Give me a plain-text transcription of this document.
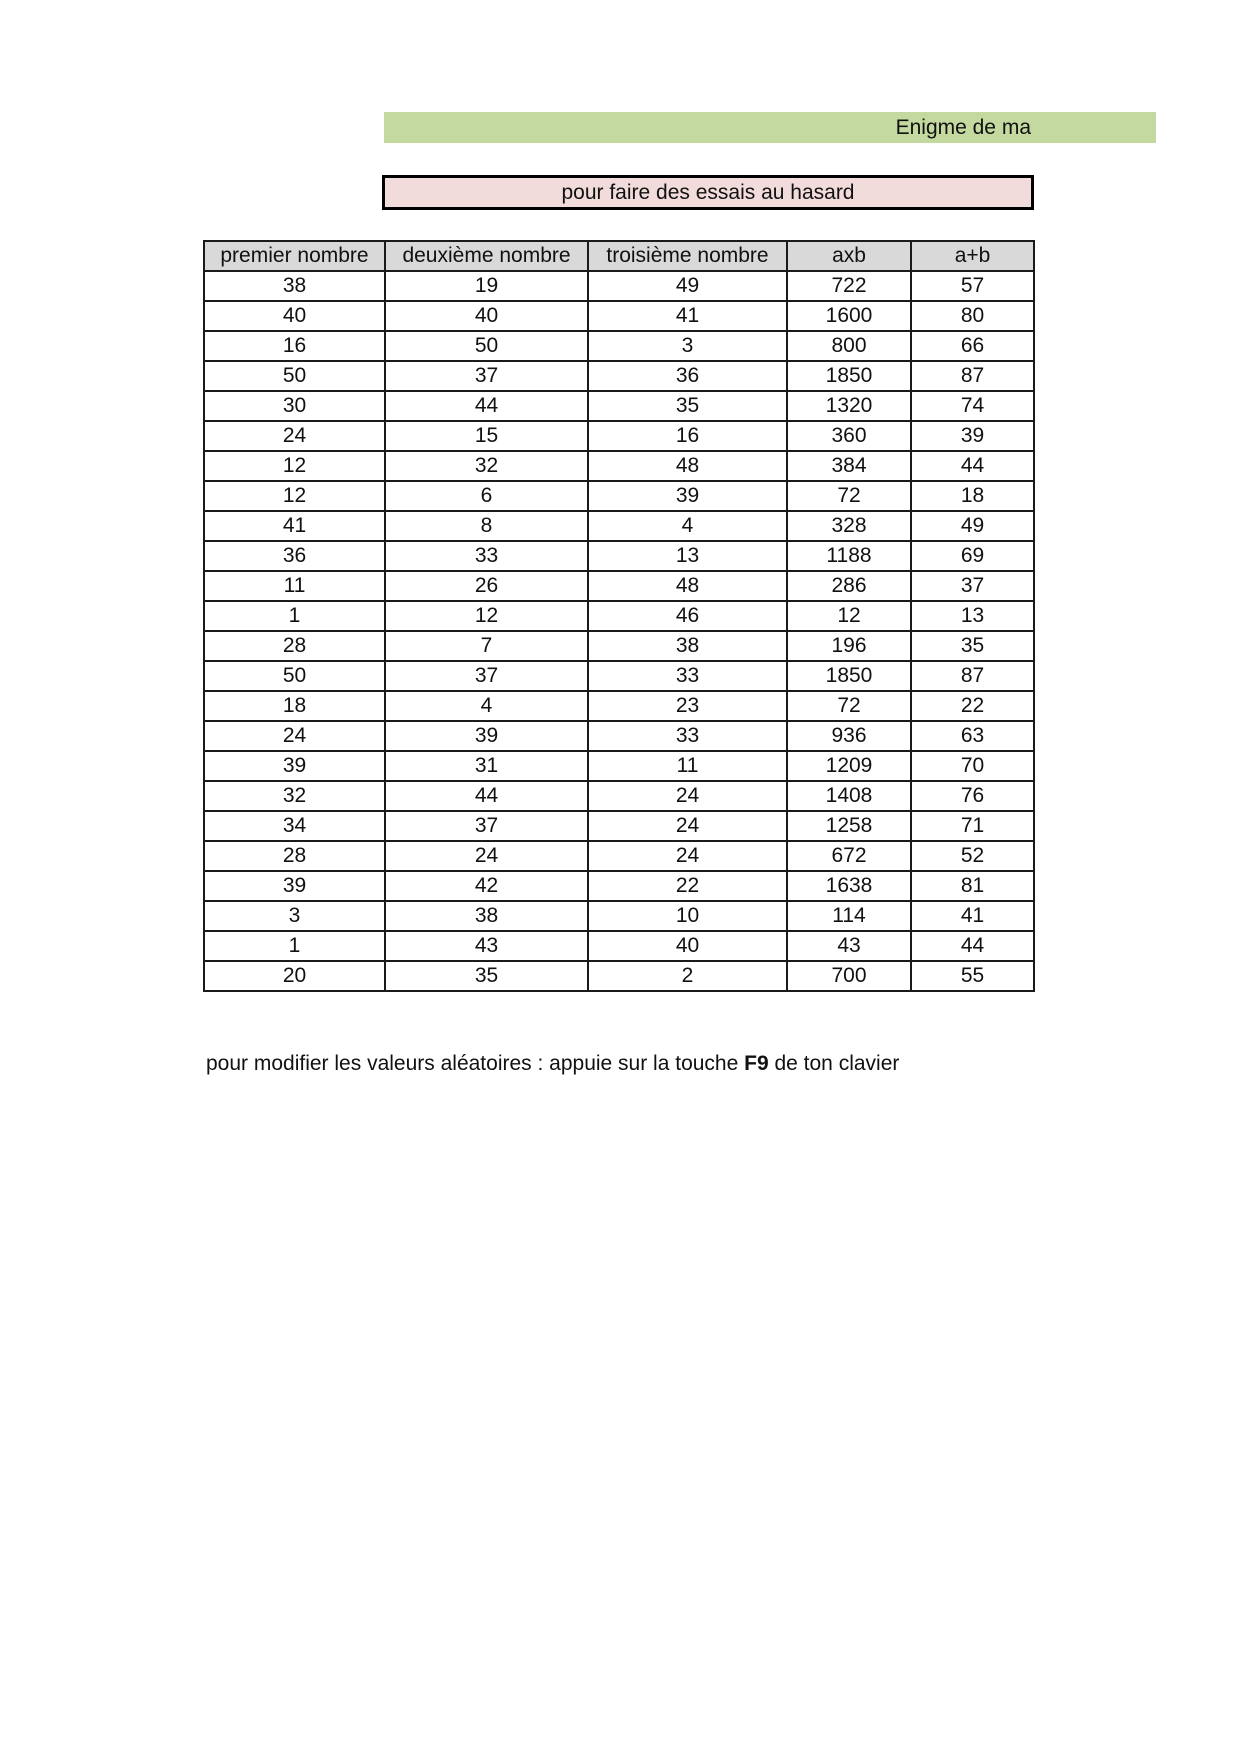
Enigme de ma
pour faire des essais au hasard
premier nombre	deuxième nombre	troisième nombre	axb	a+b
38	19	49	722	57
40	40	41	1600	80
16	50	3	800	66
50	37	36	1850	87
30	44	35	1320	74
24	15	16	360	39
12	32	48	384	44
12	6	39	72	18
41	8	4	328	49
36	33	13	1188	69
11	26	48	286	37
1	12	46	12	13
28	7	38	196	35
50	37	33	1850	87
18	4	23	72	22
24	39	33	936	63
39	31	11	1209	70
32	44	24	1408	76
34	37	24	1258	71
28	24	24	672	52
39	42	22	1638	81
3	38	10	114	41
1	43	40	43	44
20	35	2	700	55
pour modifier les valeurs aléatoires : appuie sur la touche F9 de ton clavier
